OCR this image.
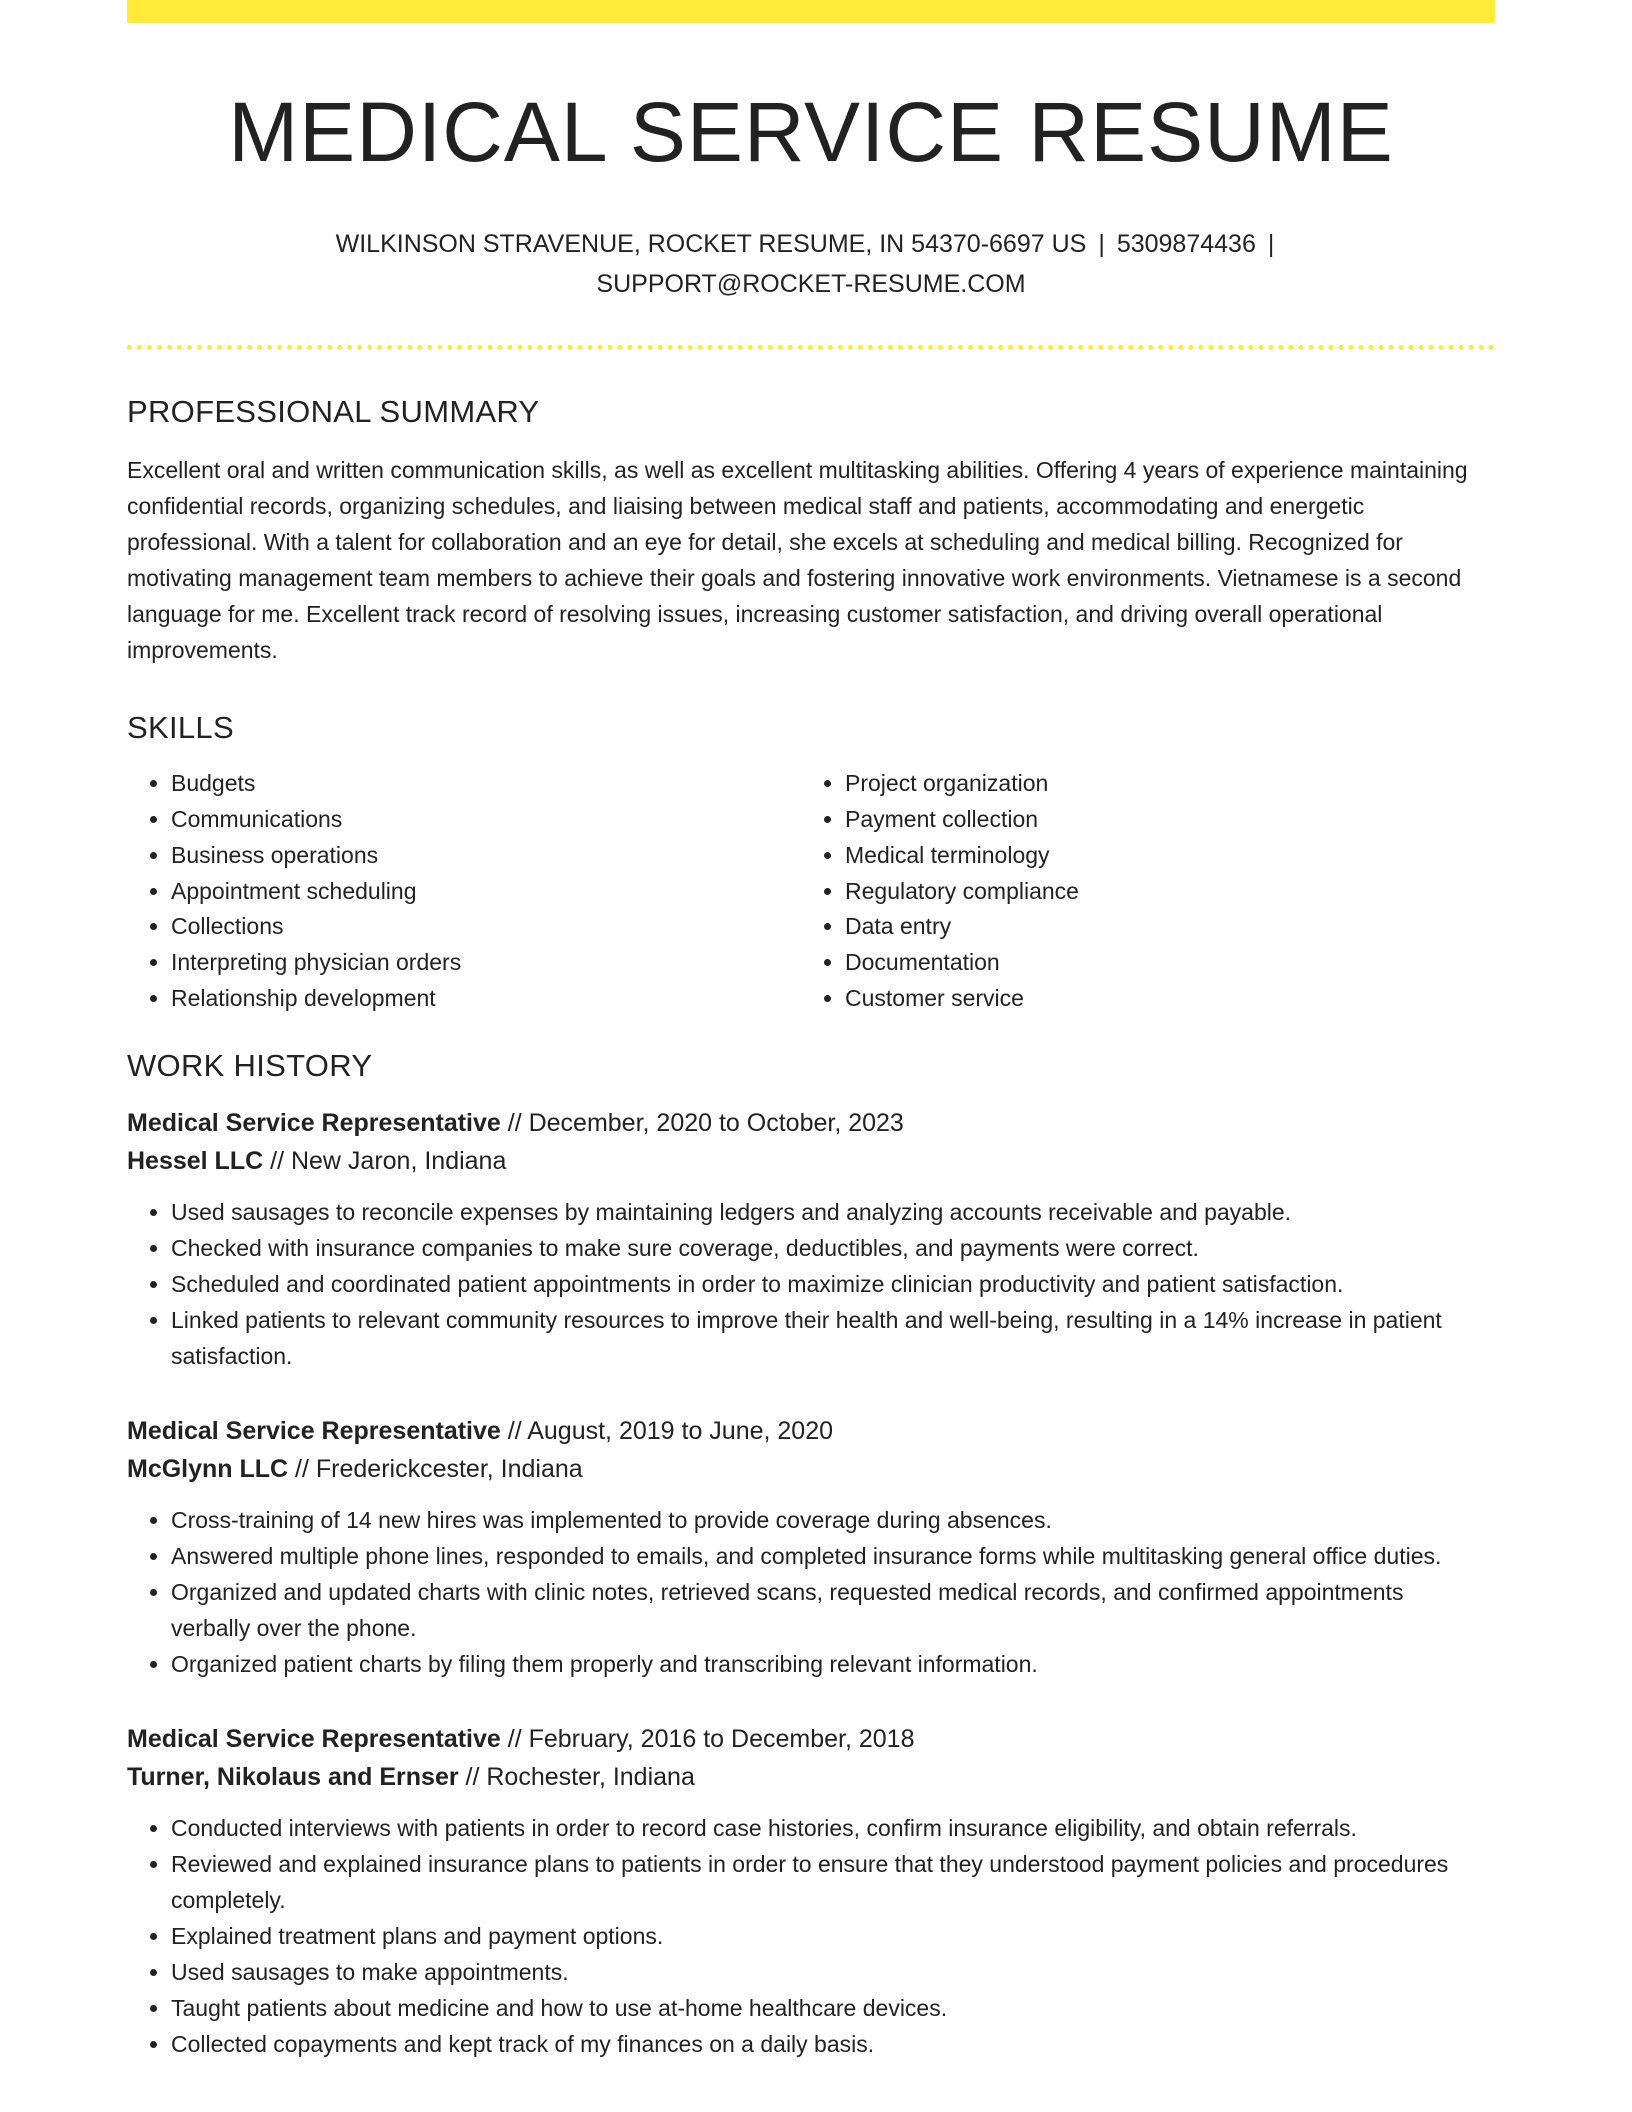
MEDICAL SERVICE RESUME
WILKINSON STRAVENUE, ROCKET RESUME, IN 54370-6697 US | 5309874436 |
SUPPORT@ROCKET-RESUME.COM
PROFESSIONAL SUMMARY

Excellent oral and written communication skills, as well as excellent multitasking abilities. Offering 4 years of experience maintaining confidential records, organizing schedules, and liaising between medical staff and patients, accommodating and energetic professional. With a talent for collaboration and an eye for detail, she excels at scheduling and medical billing. Recognized for motivating management team members to achieve their goals and fostering innovative work environments. Vietnamese is a second language for me. Excellent track record of resolving issues, increasing customer satisfaction, and driving overall operational improvements.

SKILLS
• Budgets
• Communications
• Business operations
• Appointment scheduling
• Collections
• Interpreting physician orders
• Relationship development
• Project organization
• Payment collection
• Medical terminology
• Regulatory compliance
• Data entry
• Documentation
• Customer service
WORK HISTORY
Medical Service Representative // December, 2020 to October, 2023
Hessel LLC // New Jaron, Indiana
• Used sausages to reconcile expenses by maintaining ledgers and analyzing accounts receivable and payable.
• Checked with insurance companies to make sure coverage, deductibles, and payments were correct.
• Scheduled and coordinated patient appointments in order to maximize clinician productivity and patient satisfaction.
• Linked patients to relevant community resources to improve their health and well-being, resulting in a 14% increase in patient satisfaction.
Medical Service Representative // August, 2019 to June, 2020
McGlynn LLC // Frederickcester, Indiana
• Cross-training of 14 new hires was implemented to provide coverage during absences.
• Answered multiple phone lines, responded to emails, and completed insurance forms while multitasking general office duties.
• Organized and updated charts with clinic notes, retrieved scans, requested medical records, and confirmed appointments verbally over the phone.
• Organized patient charts by filing them properly and transcribing relevant information.
Medical Service Representative // February, 2016 to December, 2018
Turner, Nikolaus and Ernser // Rochester, Indiana
• Conducted interviews with patients in order to record case histories, confirm insurance eligibility, and obtain referrals.
• Reviewed and explained insurance plans to patients in order to ensure that they understood payment policies and procedures completely.
• Explained treatment plans and payment options.
• Used sausages to make appointments.
• Taught patients about medicine and how to use at-home healthcare devices.
• Collected copayments and kept track of my finances on a daily basis.
